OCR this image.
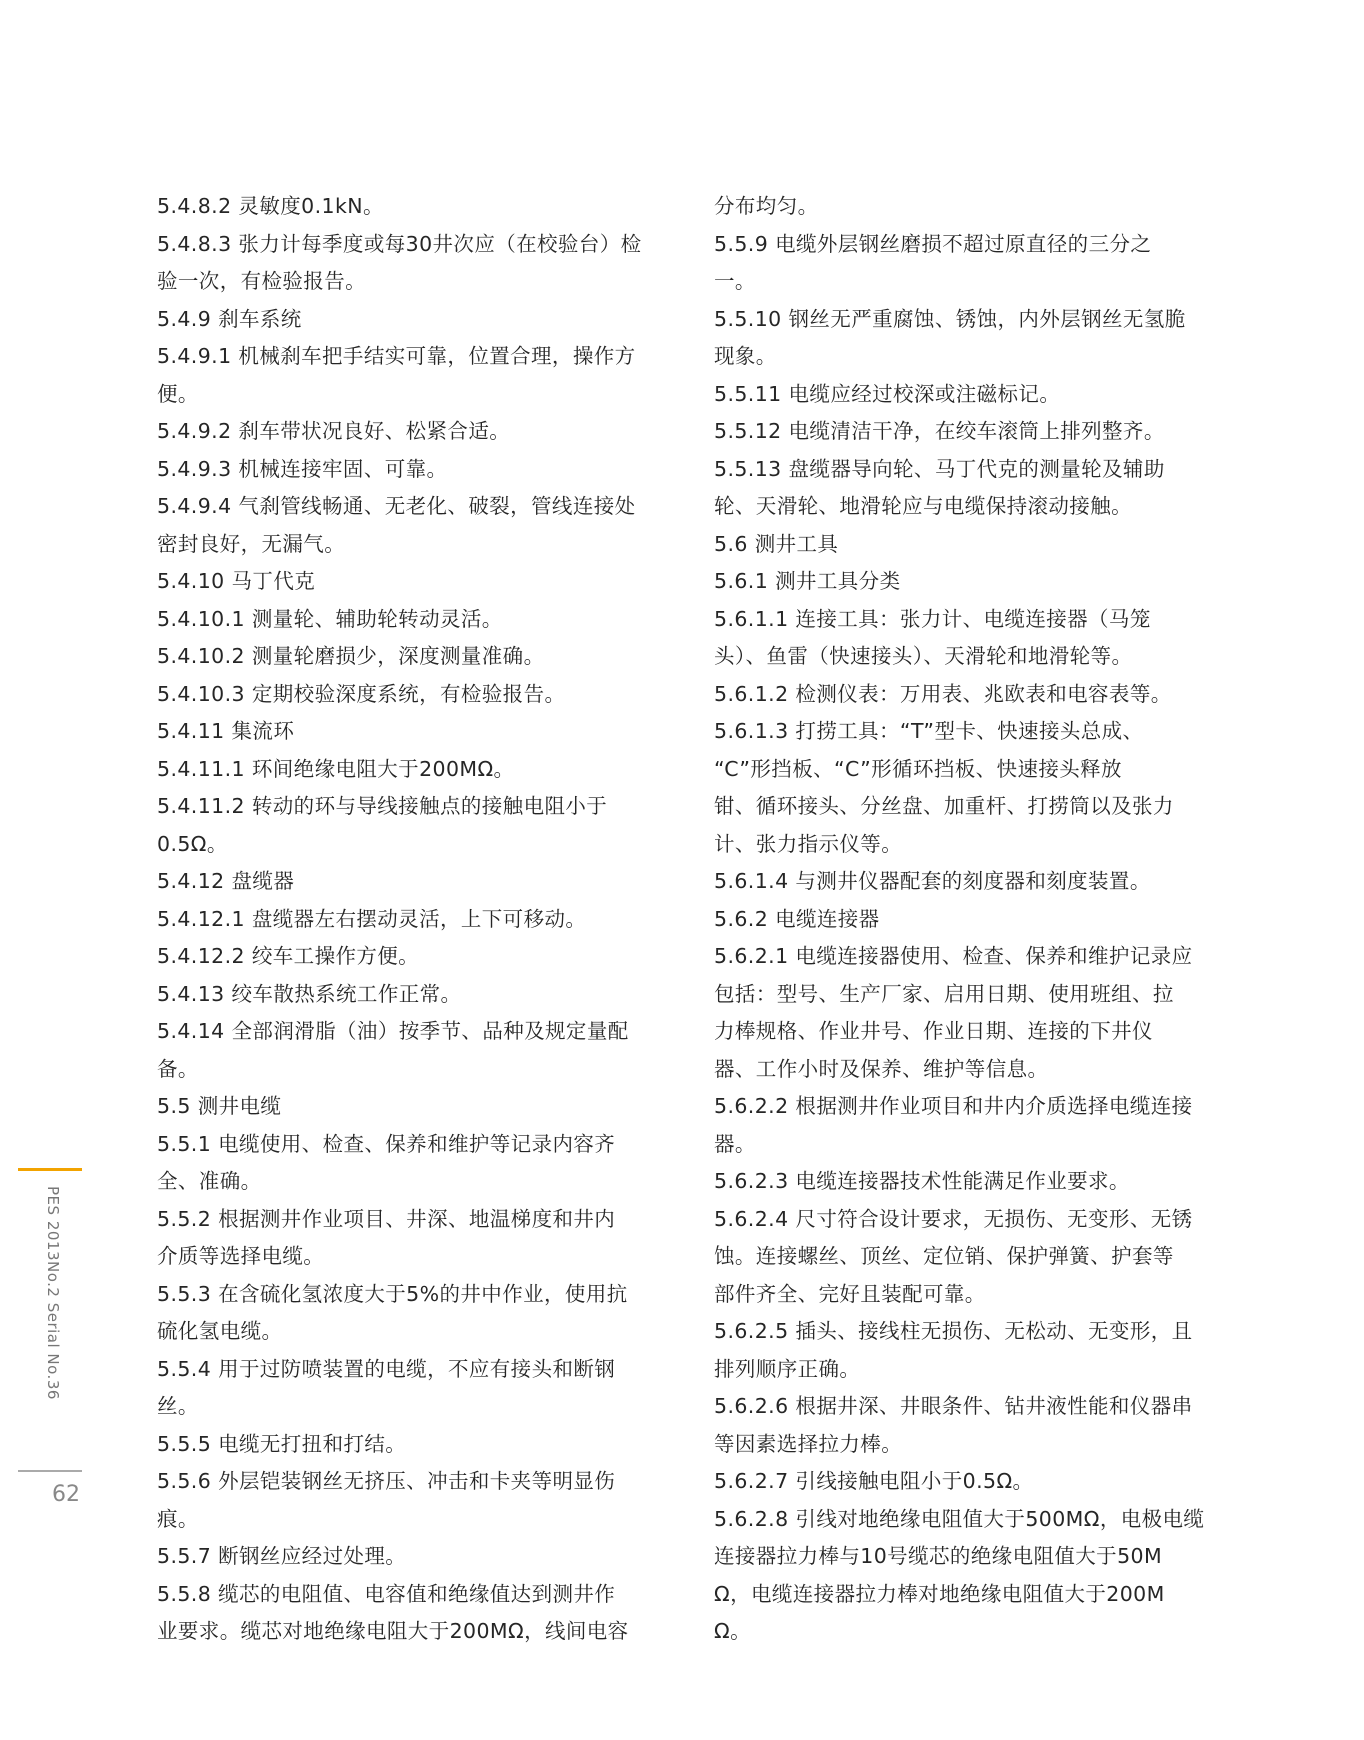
PES 2013No.2 Serial No.36
62
5.4.8.2 灵敏度0.1kN。
5.4.8.3 张力计每季度或每30井次应（在校验台）检
验一次，有检验报告。
5.4.9 刹车系统
5.4.9.1 机械刹车把手结实可靠，位置合理，操作方
便。
5.4.9.2 刹车带状况良好、松紧合适。
5.4.9.3 机械连接牢固、可靠。
5.4.9.4 气刹管线畅通、无老化、破裂，管线连接处
密封良好，无漏气。
5.4.10 马丁代克
5.4.10.1 测量轮、辅助轮转动灵活。
5.4.10.2 测量轮磨损少，深度测量准确。
5.4.10.3 定期校验深度系统，有检验报告。
5.4.11 集流环
5.4.11.1 环间绝缘电阻大于200MΩ。
5.4.11.2 转动的环与导线接触点的接触电阻小于
0.5Ω。
5.4.12 盘缆器
5.4.12.1 盘缆器左右摆动灵活，上下可移动。
5.4.12.2 绞车工操作方便。
5.4.13 绞车散热系统工作正常。
5.4.14 全部润滑脂（油）按季节、品种及规定量配
备。
5.5 测井电缆
5.5.1 电缆使用、检查、保养和维护等记录内容齐
全、准确。
5.5.2 根据测井作业项目、井深、地温梯度和井内
介质等选择电缆。
5.5.3 在含硫化氢浓度大于5%的井中作业，使用抗
硫化氢电缆。
5.5.4 用于过防喷装置的电缆，不应有接头和断钢
丝。
5.5.5 电缆无打扭和打结。
5.5.6 外层铠装钢丝无挤压、冲击和卡夹等明显伤
痕。
5.5.7 断钢丝应经过处理。
5.5.8 缆芯的电阻值、电容值和绝缘值达到测井作
业要求。缆芯对地绝缘电阻大于200MΩ，线间电容
分布均匀。
5.5.9 电缆外层钢丝磨损不超过原直径的三分之
一。
5.5.10 钢丝无严重腐蚀、锈蚀，内外层钢丝无氢脆
现象。
5.5.11 电缆应经过校深或注磁标记。
5.5.12 电缆清洁干净，在绞车滚筒上排列整齐。
5.5.13 盘缆器导向轮、马丁代克的测量轮及辅助
轮、天滑轮、地滑轮应与电缆保持滚动接触。
5.6 测井工具
5.6.1 测井工具分类
5.6.1.1 连接工具：张力计、电缆连接器（马笼
头）、鱼雷（快速接头）、天滑轮和地滑轮等。
5.6.1.2 检测仪表：万用表、兆欧表和电容表等。
5.6.1.3 打捞工具：“T”型卡、快速接头总成、
“C”形挡板、“C”形循环挡板、快速接头释放
钳、循环接头、分丝盘、加重杆、打捞筒以及张力
计、张力指示仪等。
5.6.1.4 与测井仪器配套的刻度器和刻度装置。
5.6.2 电缆连接器
5.6.2.1 电缆连接器使用、检查、保养和维护记录应
包括：型号、生产厂家、启用日期、使用班组、拉
力棒规格、作业井号、作业日期、连接的下井仪
器、工作小时及保养、维护等信息。
5.6.2.2 根据测井作业项目和井内介质选择电缆连接
器。
5.6.2.3 电缆连接器技术性能满足作业要求。
5.6.2.4 尺寸符合设计要求，无损伤、无变形、无锈
蚀。连接螺丝、顶丝、定位销、保护弹簧、护套等
部件齐全、完好且装配可靠。
5.6.2.5 插头、接线柱无损伤、无松动、无变形，且
排列顺序正确。
5.6.2.6 根据井深、井眼条件、钻井液性能和仪器串
等因素选择拉力棒。
5.6.2.7 引线接触电阻小于0.5Ω。
5.6.2.8 引线对地绝缘电阻值大于500MΩ，电极电缆
连接器拉力棒与10号缆芯的绝缘电阻值大于50M
Ω，电缆连接器拉力棒对地绝缘电阻值大于200M
Ω。
